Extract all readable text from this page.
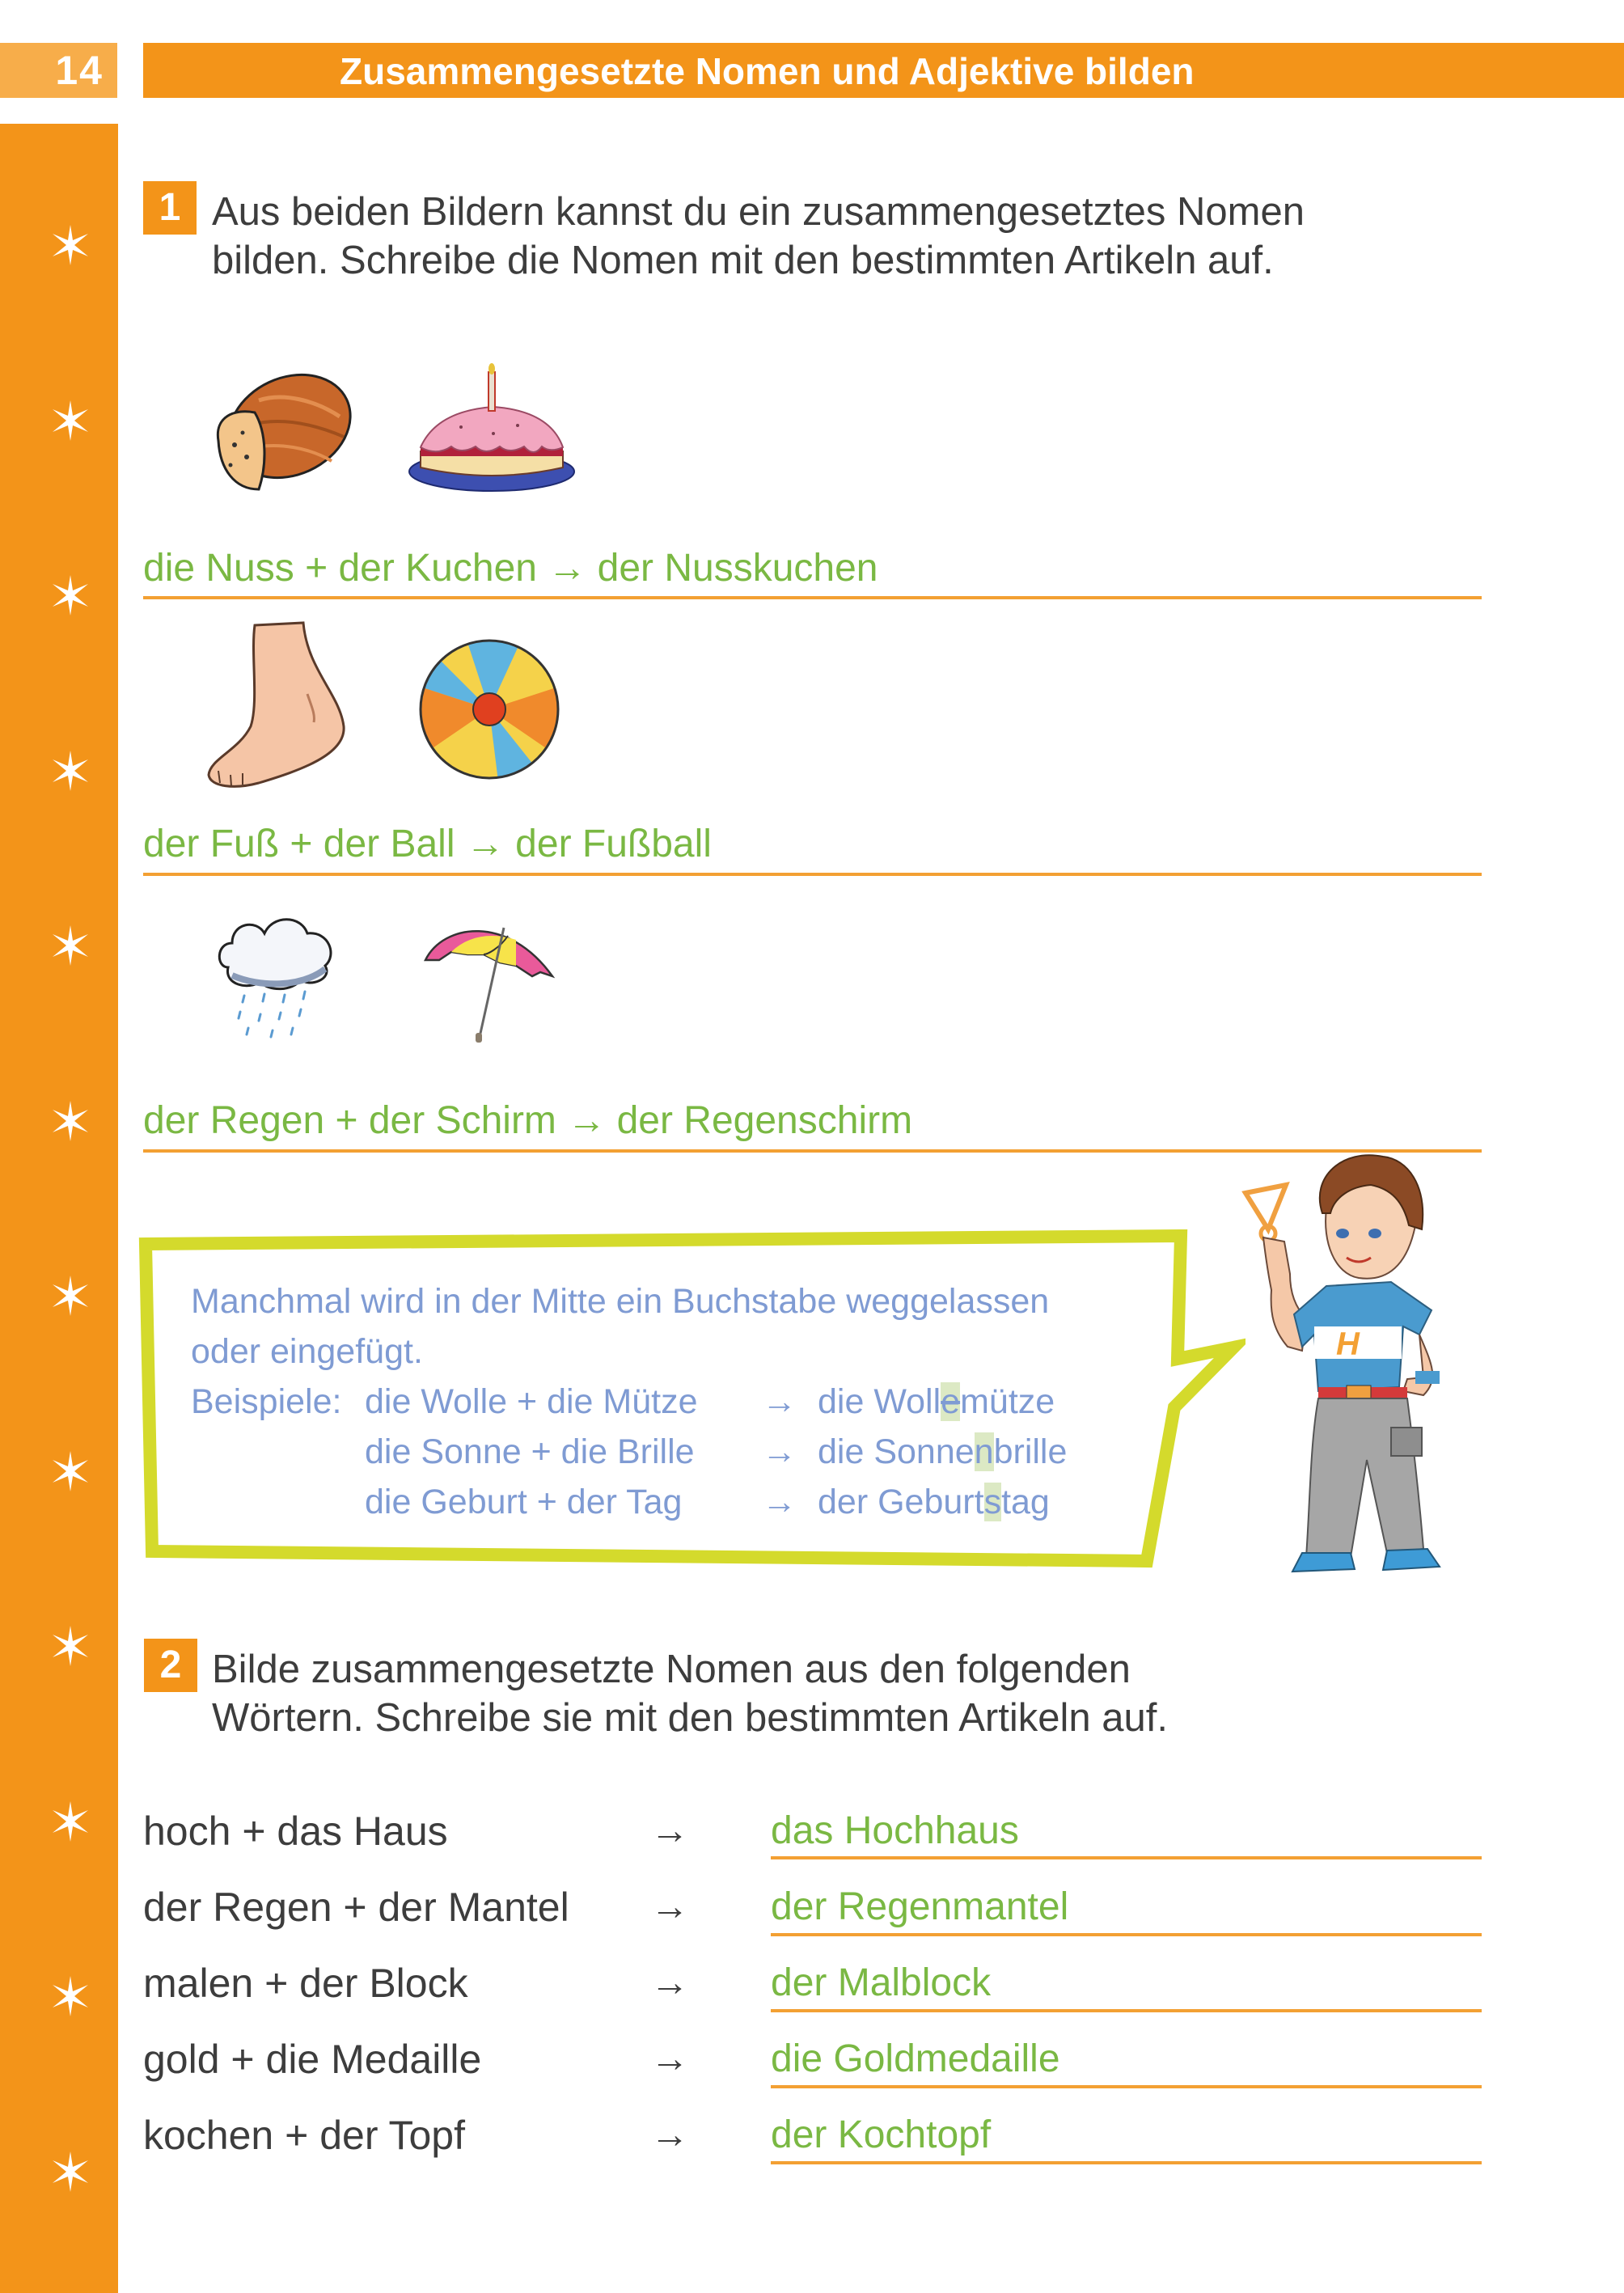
14	Zusammengesetzte Nomen und Adjektive bilden
1 Aus beiden Bildern kannst du ein zusammengesetztes Nomen
bilden. Schreibe die Nomen mit den bestimmten Artikeln auf.
die Nuss + der Kuchen → der Nusskuchen
der Fuß + der Ball → der Fußball
der Regen + der Schirm → der Regenschirm
Manchmal wird in der Mitte ein Buchstabe weggelassen
oder eingefügt.
Beispiele: die Wolle + die Mütze → die Wollemütze
die Sonne + die Brille → die Sonnenbrille
die Geburt + der Tag → der Geburtstag
H
2 Bilde zusammengesetzte Nomen aus den folgenden
Wörtern. Schreibe sie mit den bestimmten Artikeln auf.
hoch + das Haus	→ das Hochhaus
der Regen + der Mantel → der Regenmantel
malen + der Block	→ der Malblock
gold + die Medaille	→ die Goldmedaille
kochen + der Topf	→ der Kochtopf
